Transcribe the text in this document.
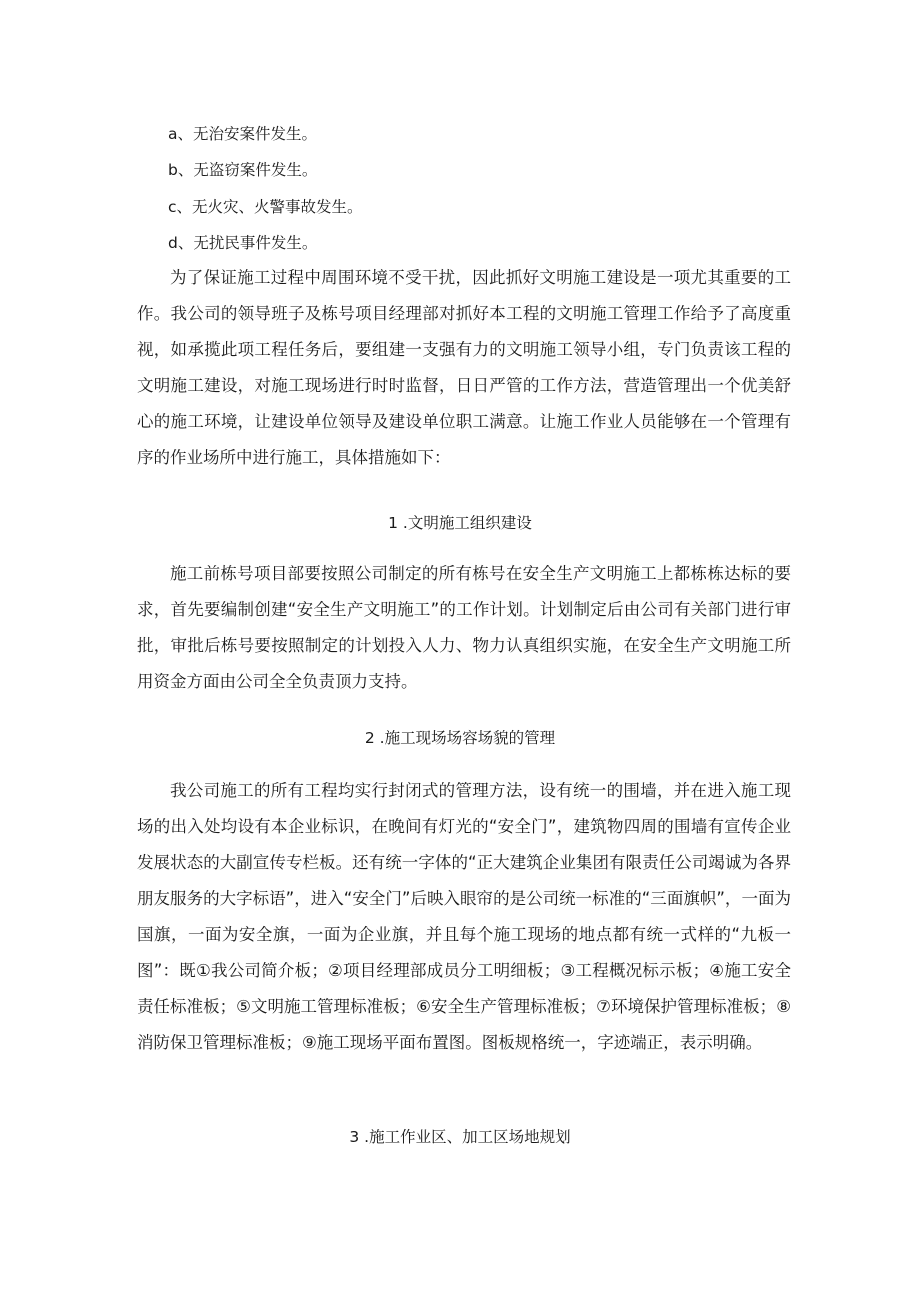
a、无治安案件发生。
b、无盗窃案件发生。
c、无火灾、火警事故发生。
d、无扰民事件发生。

为了保证施工过程中周围环境不受干扰，因此抓好文明施工建设是一项尤其重要的工作。我公司的领导班子及栋号项目经理部对抓好本工程的文明施工管理工作给予了高度重视，如承揽此项工程任务后，要组建一支强有力的文明施工领导小组，专门负责该工程的文明施工建设，对施工现场进行时时监督，日日严管的工作方法，营造管理出一个优美舒心的施工环境，让建设单位领导及建设单位职工满意。让施工作业人员能够在一个管理有序的作业场所中进行施工，具体措施如下：

1 .文明施工组织建设

施工前栋号项目部要按照公司制定的所有栋号在安全生产文明施工上都栋栋达标的要求，首先要编制创建“安全生产文明施工”的工作计划。计划制定后由公司有关部门进行审批，审批后栋号要按照制定的计划投入人力、物力认真组织实施，在安全生产文明施工所用资金方面由公司全全负责顶力支持。

2 .施工现场场容场貌的管理

我公司施工的所有工程均实行封闭式的管理方法，设有统一的围墙，并在进入施工现场的出入处均设有本企业标识，在晚间有灯光的“安全门”，建筑物四周的围墙有宣传企业发展状态的大副宣传专栏板。还有统一字体的“正大建筑企业集团有限责任公司竭诚为各界朋友服务的大字标语”，进入“安全门”后映入眼帘的是公司统一标准的“三面旗帜”，一面为国旗，一面为安全旗，一面为企业旗，并且每个施工现场的地点都有统一式样的“九板一图”：既①我公司简介板；②项目经理部成员分工明细板；③工程概况标示板；④施工安全责任标准板；⑤文明施工管理标准板；⑥安全生产管理标准板；⑦环境保护管理标准板；⑧消防保卫管理标准板；⑨施工现场平面布置图。图板规格统一，字迹端正，表示明确。

3 .施工作业区、加工区场地规划
